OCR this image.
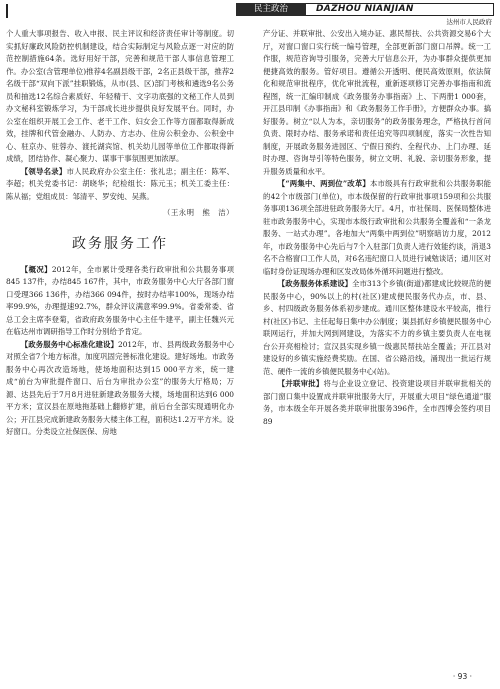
民主政治	DAZHOU NIANJIAN
达州市人民政府

个人重大事项报告、收入申报、民主评议和经济责任审计等制度。切实抓好廉政风险防控机制建设，结合实际制定与风险点逐一对应的防范控制措施64条。选好用好干部，完善和规范干部人事信息管理工作。办公室(含管理单位)推荐4名副县级干部，2名正县级干部，推荐2名级干部“双向下派”挂职锻炼，从市(县、区)部门考核和遴选9名公务员和抽选12名综合素质好、年轻精干、文字功底强的文秘工作人员到办文秘科室锻炼学习，为干部成长进步提供良好发展平台。同时，办公室在组织开展工会工作、老干工作、妇女会工作等方面都取得新成效，挂牌和代管金融办、人防办、方志办、住房公积金办、公积金中心、驻京办、驻蓉办、渡托湖宾馆、机关幼儿园等单位工作都取得新成绩，团结协作、凝心聚力、谋事干事氛围更加浓厚。

【领导名录】市人民政府办公室主任：张礼忠；副主任：陈军、李超；机关党委书记：胡晓华；纪检组长：陈元玉；机关工委主任：陈从福；党组成员：邹清平、罗安纯、吴燕。

（王永明　熊　洁）
政务服务工作

【概况】2012年，全市累计受理各类行政审批和公共服务事项845 137件，办结845 167件，其中，市政务服务中心大厅各部门窗口受理366 136件，办结366 094件，按时办结率100%，现场办结率99.9%，办理提速92.7%，群众评议满意率99.9%。省委常委、省总工会主席李登菊，省政府政务服务中心主任牛建平，副主任魏兴元在临达州市调研指导工作时分别给予肯定。

【政务服务中心标准化建设】2012年，市、县两级政务服务中心对照全省7个地方标准，加度巩固完善标准化建设。建好场地。市政务服务中心再次改造场地，使场地面积达到15 000平方米，统一建成“前台为审批提件窗口、后台为审批办公室”的服务大厅格局；万源、达县先后于7月8月进驻新建政务服务大楼，场地面积达到6 000平方米；宣汉县在原地拖基础上翻修扩建，前后台全部实现通明化办公；开江县完成新建政务服务大楼主体工程，面积达1.2万平方米。设好窗口。分类设立社保医保、房地

产分证、并联审批、公安出入境办证、惠民帮扶、公共资源交易6个大厅，对窗口窗口实行统一编号管理，全部更新部门窗口吊牌。统一工作服，规范咨询导引服务，完善大厅信息公开，为办事群众提供更加便捷高效的服务。管好项目。遵循公开透明、便民高效原则，依法简化和规范审批程序，优化审批流程，重新逐项修订完善办事指南和流程图，统一汇编印制成《政务服务办事指南》上、下两册1 000套，开江县印制《办事指南》和《政务服务工作手册》，方便群众办事。搞好服务。树立“以人为本，亲切服务”的政务服务理念，严格执行首问负责、限时办结、服务承诺和责任追究等四项制度，落实一次性告知制度，开展政务服务进园区、宁假日预约、全程代办、上门办理、延时办理、咨询导引等特色服务，树立文明、礼貌、亲切服务形象，提升服务质量和水平。

【“两集中、两到位”改革】本市级具有行政审批和公共服务职能的42个市级部门(单位)，市本级保留的行政审批事项159项和公共服务事项136项全部进驻政务服务大厅。4月，市社保局、医保局整体进驻市政务服务中心，实现市本级行政审批和公共服务全覆盖和“一条龙服务、一站式办理”。各地加大“两集中两到位”明察暗访力度，2012年，市政务服务中心先后与7个入驻部门负责人进行效能约谈，消退3名不合格窗口工作人员，对6名违纪窗口人员进行诫勉谈话；通川区对临时身份证现场办理和区发改局体外循环问题进行整改。

【政务服务体系建设】全市313个乡镇(街道)都建成比较规范的便民服务中心，90%以上的村(社区)建成便民服务代办点，市、县、乡、村四级政务服务体系初步建成。通川区整体建设水平较高，推行村(社区)书记、主任起每日集中办公制度；渠县抓好乡镇便民服务中心联网运行，并加大网到网建设，为落实不力的乡镇主要负责人在电视台公开亮相检讨；宣汉县实现乡镇一级惠民帮扶站全覆盖；开江县对建设好的乡镇实施经费奖励。在国、省公路沿线，涌现出一批运行规范、硬件一流的乡镇便民服务中心(站)。

【并联审批】将与企业设立登记、投资建设项目并联审批相关的部门窗口集中设置成并联审批服务大厅，开展重大项目“绿色通道”服务，市本级全年开展各类并联审批服务396件，全市西博会签约项目89

· 93 ·
